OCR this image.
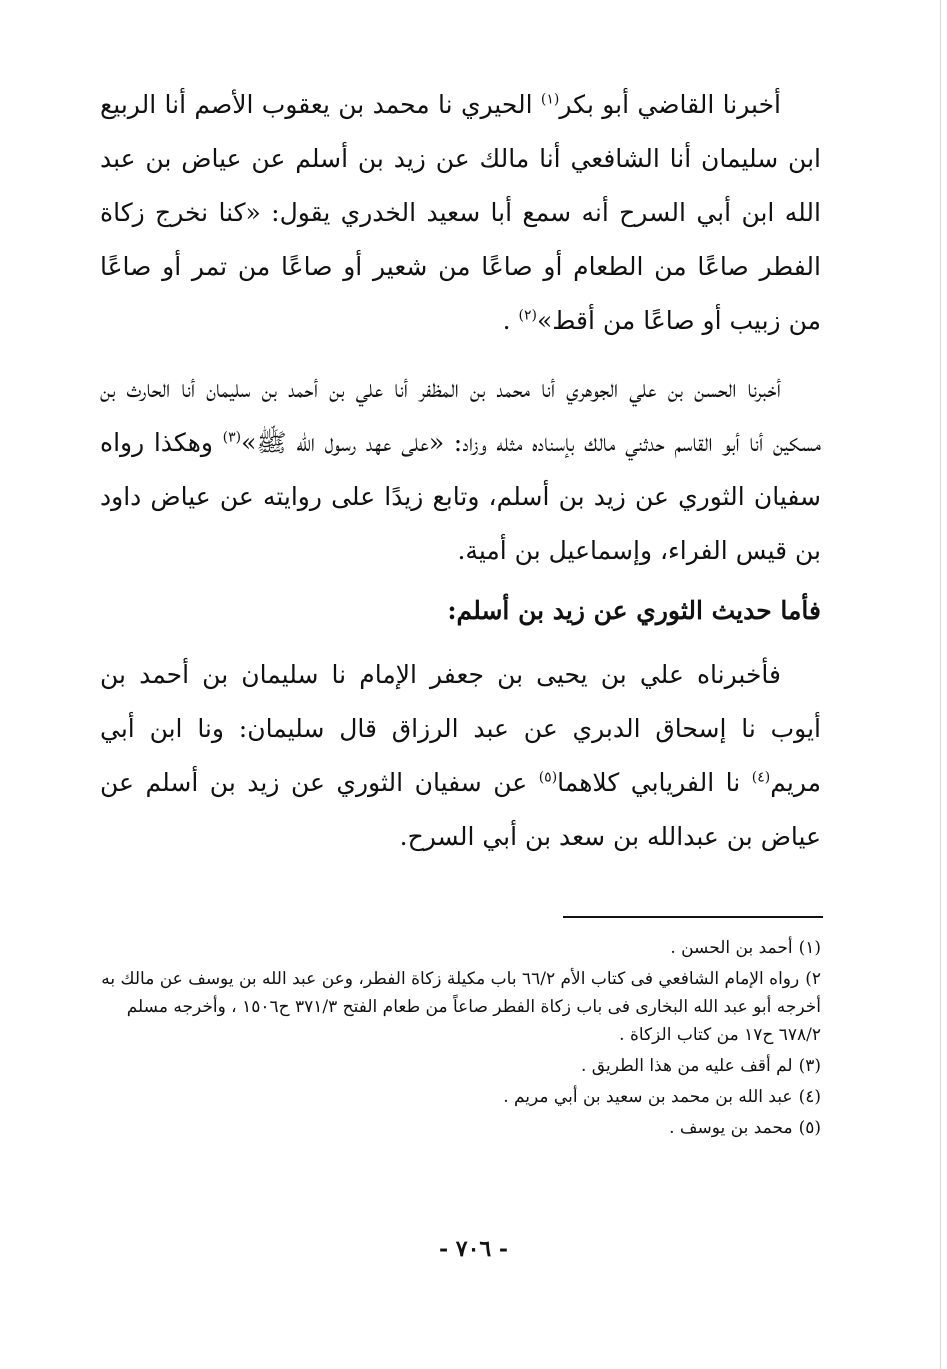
أخبرنا القاضي أبو بكر$^{(١)}$ الحيري نا محمد بن يعقوب الأصم أنا الربيع ابن سليمان أنا الشافعي أنا مالك عن زيد بن أسلم عن عياض بن عبد الله ابن أبي السرح أنه سمع أبا سعيد الخدري يقول: «كنا نخرج زكاة الفطر صاعًا من الطعام أو صاعًا من شعير أو صاعًا من تمر أو صاعًا من زبيب أو صاعًا من أقط»$^{(٢)}$ .

أخبرنا الحسن بن علي الجوهري أنا محمد بن المظفر أنا علي بن أحمد بن سليمان أنا الحارث بن مسكين أنا أبو القاسم حدثني مالك بإسناده مثله وزاد: «على عهد رسول الله ﷺ»$^{(٣)}$ وهكذا رواه سفيان الثوري عن زيد بن أسلم، وتابع زيدًا على روايته عن عياض داود بن قيس الفراء، وإسماعيل بن أمية.

فأما حديث الثوري عن زيد بن أسلم:

فأخبرناه علي بن يحيى بن جعفر الإمام نا سليمان بن أحمد بن أيوب نا إسحاق الدبري عن عبد الرزاق قال سليمان: ونا ابن أبي مريم$^{(٤)}$ نا الفريابي كلاهما$^{(٥)}$ عن سفيان الثوري عن زيد بن أسلم عن عياض بن عبدالله بن سعد بن أبي السرح.

(١)أحمد بن الحسن .

٢)رواه الإمام الشافعي فى كتاب الأم ٦٦/٢ باب مكيلة زكاة الفطر، وعن عبد الله بن يوسف عن مالك به أخرجه أبو عبد الله البخارى فى باب زكاة الفطر صاعاً من طعام الفتح ٣٧١/٣ ح١٥٠٦ ، وأخرجه مسلم ٦٧٨/٢ ح١٧ من كتاب الزكاة .

(٣)لم أقف عليه من هذا الطريق .

(٤)عبد الله بن محمد بن سعيد بن أبي مريم .

(٥)محمد بن يوسف .

- ٧٠٦ -
